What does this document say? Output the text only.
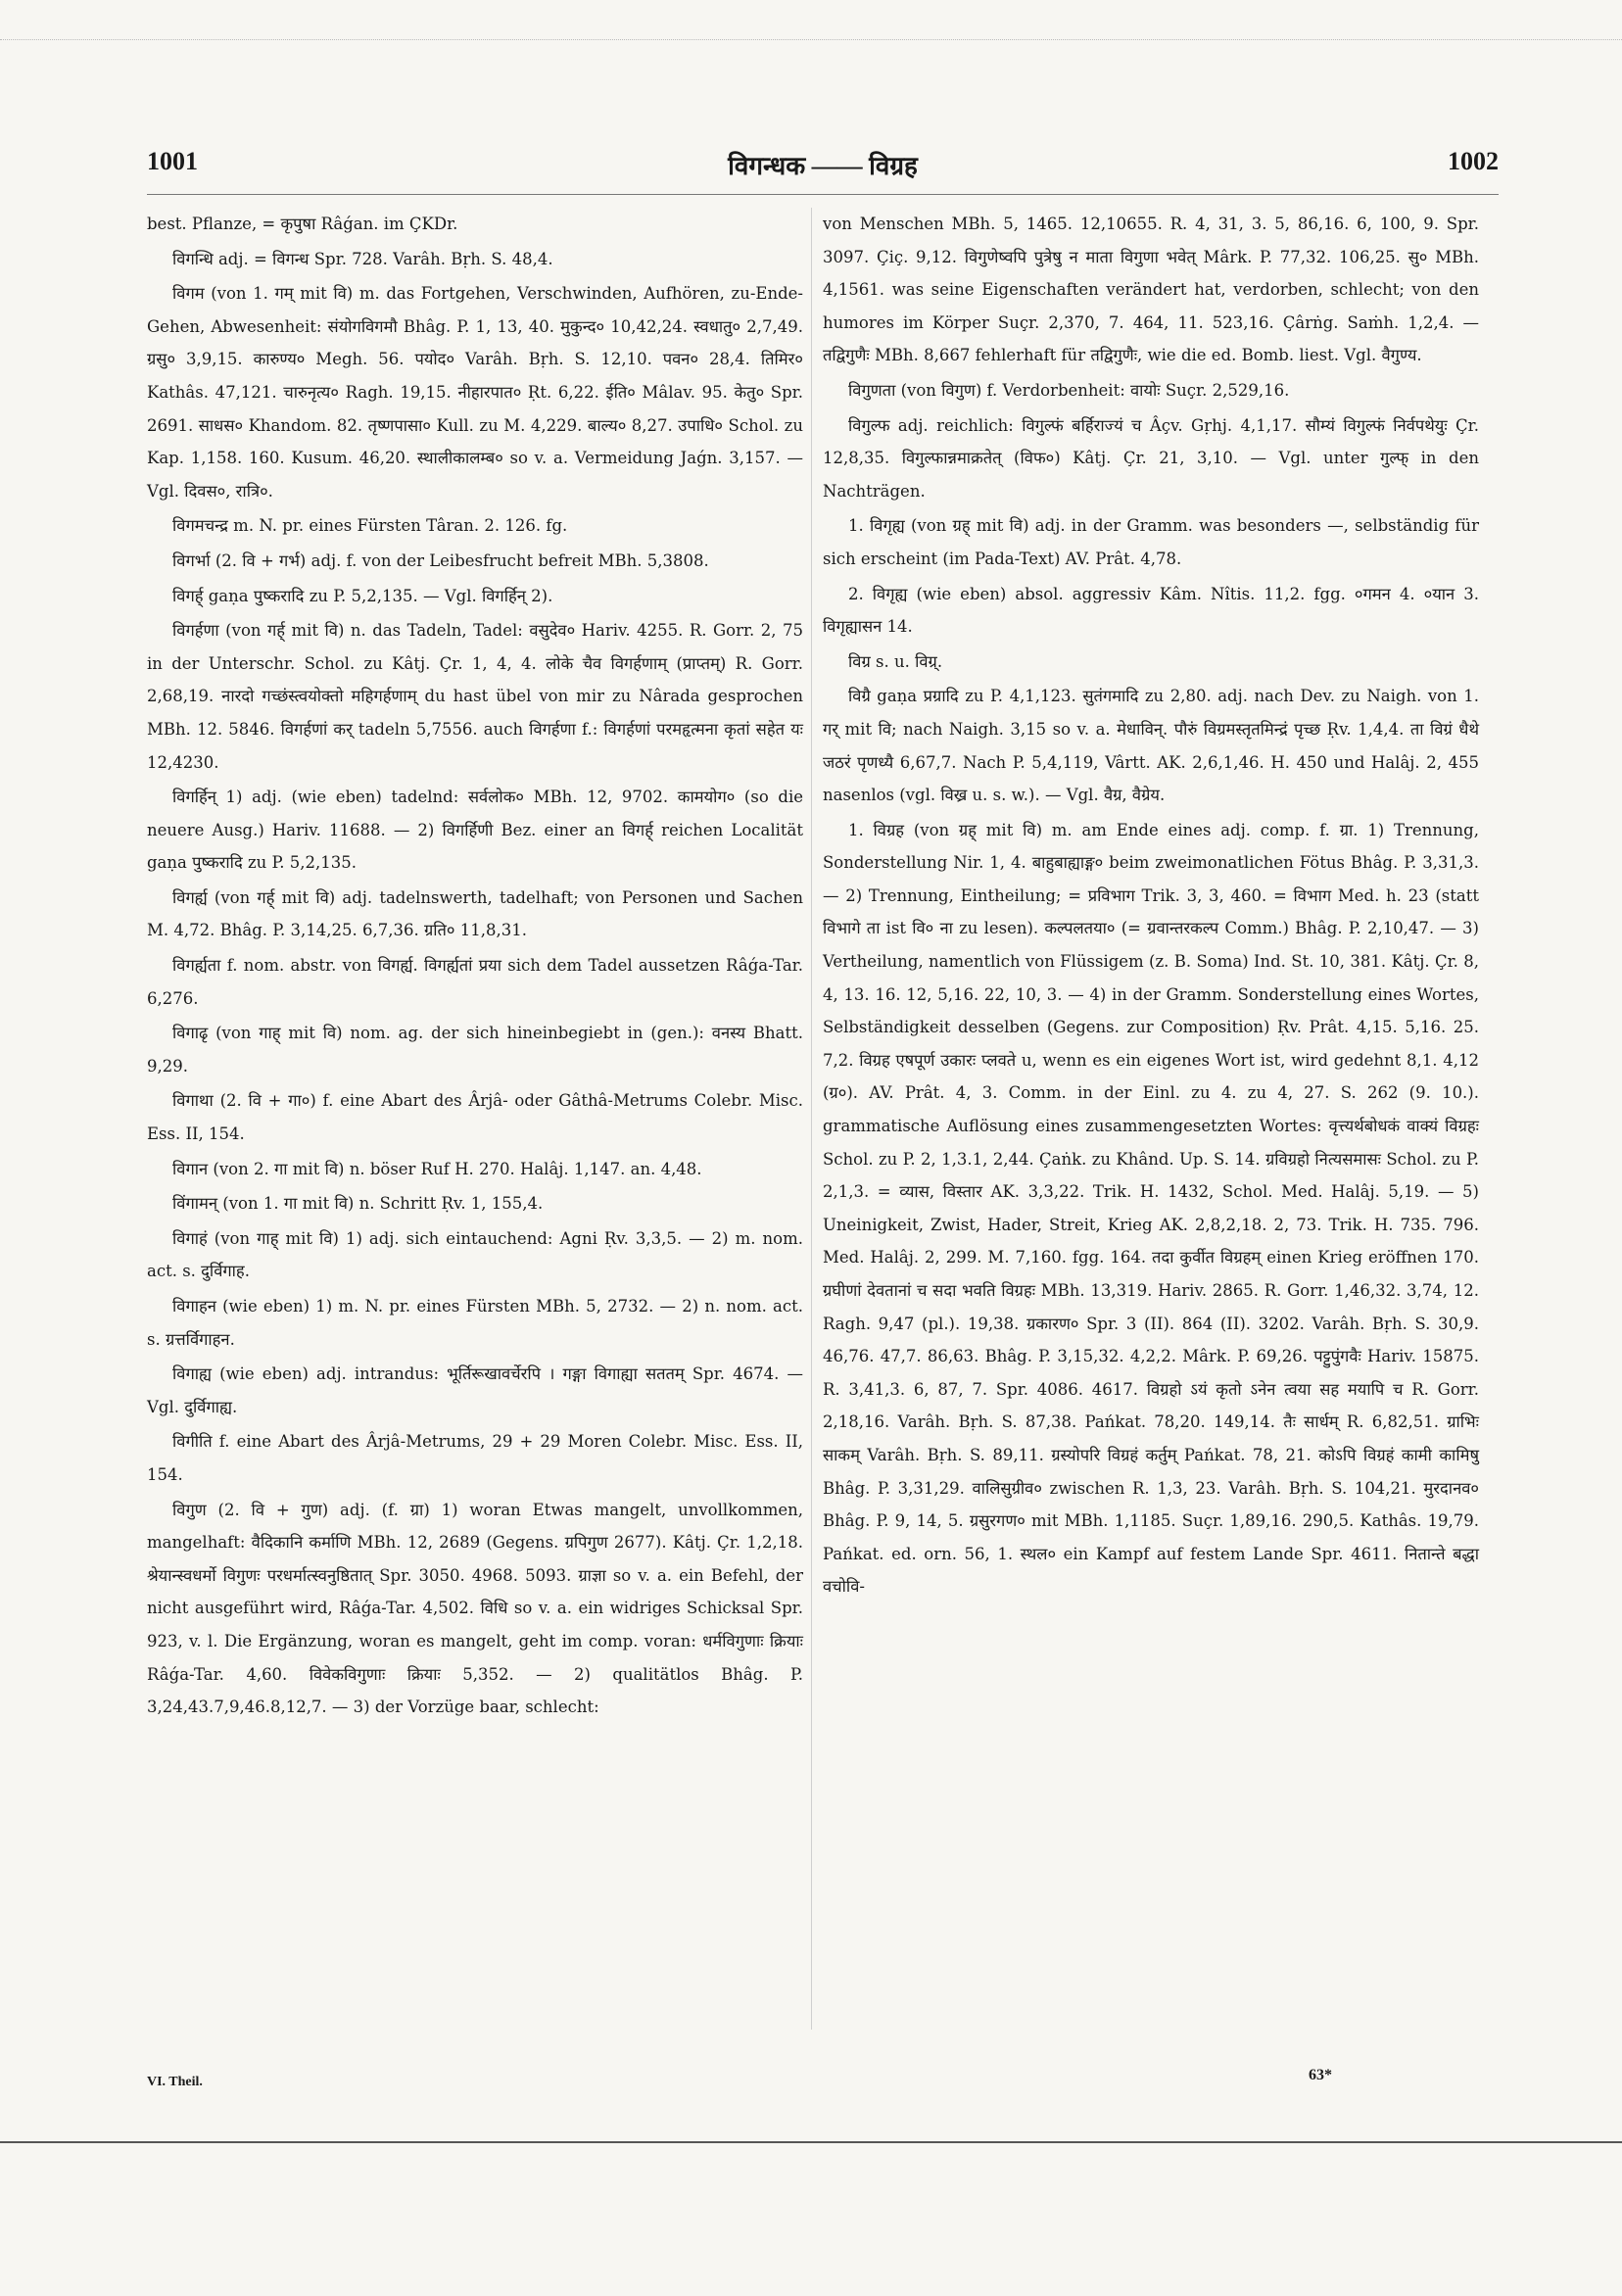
1001	विगन्धक —— विग्रह	1002

best. Pflanze, = कृपुषा Râǵan. im ÇKDr.

विगन्धि adj. = विगन्ध Spr. 728. Varâh. Bṛh. S. 48,4.

विगम (von 1. गम् mit वि) m. das Fortgehen, Verschwinden, Aufhören, zu-Ende-Gehen, Abwesenheit: संयोगविगमौ Bhâg. P. 1, 13, 40. मुकुन्द० 10,42,24. स्वधातु० 2,7,49. ग्रसु० 3,9,15. कारुण्य० Megh. 56. पयोद० Varâh. Bṛh. S. 12,10. पवन० 28,4. तिमिर० Kathâs. 47,121. चारुनृत्य० Ragh. 19,15. नीहारपात० Ṛt. 6,22. ईति० Mâlav. 95. केतु० Spr. 2691. साधस० Khandom. 82. तृष्णपासा० Kull. zu M. 4,229. बाल्य० 8,27. उपाधि० Schol. zu Kap. 1,158. 160. Kusum. 46,20. स्थालीकालम्ब० so v. a. Vermeidung Jaǵn. 3,157. — Vgl. दिवस०, रात्रि०.

विगमचन्द्र m. N. pr. eines Fürsten Târan. 2. 126. fg.

विगर्भा (2. वि + गर्भ) adj. f. von der Leibesfrucht befreit MBh. 5,3808.

विगर्ह् gaṇa पुष्करादि zu P. 5,2,135. — Vgl. विगर्हिन् 2).

विगर्हणा (von गर्ह् mit वि) n. das Tadeln, Tadel: वसुदेव० Hariv. 4255. R. Gorr. 2, 75 in der Unterschr. Schol. zu Kâtj. Çr. 1, 4, 4. लोके चैव विगर्हणाम् (प्राप्तम्) R. Gorr. 2,68,19. नारदो गच्छंस्त्वयोक्तो महिगर्हणाम् du hast übel von mir zu Nârada gesprochen MBh. 12. 5846. विगर्हणां कर् tadeln 5,7556. auch विगर्हणा f.: विगर्हणां परमहृत्मना कृतां सहेत यः 12,4230.

विगर्हिन् 1) adj. (wie eben) tadelnd: सर्वलोक० MBh. 12, 9702. कामयोग० (so die neuere Ausg.) Hariv. 11688. — 2) विगर्हिणी Bez. einer an विगर्ह् reichen Localität gaṇa पुष्करादि zu P. 5,2,135.

विगर्ह्य (von गर्ह् mit वि) adj. tadelnswerth, tadelhaft; von Personen und Sachen M. 4,72. Bhâg. P. 3,14,25. 6,7,36. ग्रति० 11,8,31.

विगर्ह्यता f. nom. abstr. von विगर्ह्य. विगर्ह्यतां प्रया sich dem Tadel aussetzen Râǵa-Tar. 6,276.

विगाढृ (von गाह् mit वि) nom. ag. der sich hineinbegiebt in (gen.): वनस्य Bhatt. 9,29.

विगाथा (2. वि + गा०) f. eine Abart des Ârjâ- oder Gâthâ-Metrums Colebr. Misc. Ess. II, 154.

विगान (von 2. गा mit वि) n. böser Ruf H. 270. Halâj. 1,147. an. 4,48.

विंगामन् (von 1. गा mit वि) n. Schritt Ṛv. 1, 155,4.

विगाहं (von गाह् mit वि) 1) adj. sich eintauchend: Agni Ṛv. 3,3,5. — 2) m. nom. act. s. दुर्विगाह.

विगाहन (wie eben) 1) m. N. pr. eines Fürsten MBh. 5, 2732. — 2) n. nom. act. s. ग्रत्तर्विगाहन.

विगाह्य (wie eben) adj. intrandus: भूर्तिरूखावर्चेरपि । गङ्गा विगाह्या सततम् Spr. 4674. — Vgl. दुर्विगाह्य.

विगीति f. eine Abart des Ârjâ-Metrums, 29 + 29 Moren Colebr. Misc. Ess. II, 154.

विगुण (2. वि + गुण) adj. (f. ग्रा) 1) woran Etwas mangelt, unvollkommen, mangelhaft: वैदिकानि कर्माणि MBh. 12, 2689 (Gegens. ग्रपिगुण 2677). Kâtj. Çr. 1,2,18. श्रेयान्स्वधर्मो विगुणः परधर्मात्स्वनुष्ठितात् Spr. 3050. 4968. 5093. ग्राज्ञा so v. a. ein Befehl, der nicht ausgeführt wird, Râǵa-Tar. 4,502. विधि so v. a. ein widriges Schicksal Spr. 923, v. l. Die Ergänzung, woran es mangelt, geht im comp. voran: धर्मविगुणाः क्रियाः Râǵa-Tar. 4,60. विवेकविगुणाः क्रियाः 5,352. — 2) qualitätlos Bhâg. P. 3,24,43.7,9,46.8,12,7. — 3) der Vorzüge baar, schlecht:

von Menschen MBh. 5, 1465. 12,10655. R. 4, 31, 3. 5, 86,16. 6, 100, 9. Spr. 3097. Çiç. 9,12. विगुणेष्वपि पुत्रेषु न माता विगुणा भवेत् Mârk. P. 77,32. 106,25. सु० MBh. 4,1561. was seine Eigenschaften verändert hat, verdorben, schlecht; von den humores im Körper Suçr. 2,370, 7. 464, 11. 523,16. Çârṅg. Saṁh. 1,2,4. — तद्विगुणैः MBh. 8,667 fehlerhaft für तद्विगुणैः, wie die ed. Bomb. liest. Vgl. वैगुण्य.

विगुणता (von विगुण) f. Verdorbenheit: वायोः Suçr. 2,529,16.

विगुल्फ adj. reichlich: विगुल्फं बर्हिराज्यं च Âçv. Gṛhj. 4,1,17. सौम्यं विगुल्फं निर्वपथेयुः Çr. 12,8,35. विगुल्फान्नमाक्रतेत् (विफ०) Kâtj. Çr. 21, 3,10. — Vgl. unter गुल्फ् in den Nachträgen.

1. विगृह्य (von ग्रह् mit वि) adj. in der Gramm. was besonders —, selbständig für sich erscheint (im Pada-Text) AV. Prât. 4,78.

2. विगृह्य (wie eben) absol. aggressiv Kâm. Nîtis. 11,2. fgg. ०गमन 4. ०यान 3. विगृह्यासन 14.

विग्र s. u. विग्र्.

विग्रै gaṇa प्रग्रादि zu P. 4,1,123. सुतंगमादि zu 2,80. adj. nach Dev. zu Naigh. von 1. गर् mit वि; nach Naigh. 3,15 so v. a. मेधाविन्. पौरुं विग्रमस्तृतमिन्द्रं पृच्छ Ṛv. 1,4,4. ता विग्रं धैथे जठरं पृणध्यै 6,67,7. Nach P. 5,4,119, Vârtt. AK. 2,6,1,46. H. 450 und Halâj. 2, 455 nasenlos (vgl. विख्र u. s. w.). — Vgl. वैग्र, वैग्रेय.

1. विग्रह (von ग्रह् mit वि) m. am Ende eines adj. comp. f. ग्रा. 1) Trennung, Sonderstellung Nir. 1, 4. बाहुबाह्याङ्ग० beim zweimonatlichen Fötus Bhâg. P. 3,31,3. — 2) Trennung, Eintheilung; = प्रविभाग Trik. 3, 3, 460. = विभाग Med. h. 23 (statt विभागे ता ist वि० ना zu lesen). कल्पलतया० (= ग्रवान्तरकल्प Comm.) Bhâg. P. 2,10,47. — 3) Vertheilung, namentlich von Flüssigem (z. B. Soma) Ind. St. 10, 381. Kâtj. Çr. 8, 4, 13. 16. 12, 5,16. 22, 10, 3. — 4) in der Gramm. Sonderstellung eines Wortes, Selbständigkeit desselben (Gegens. zur Composition) Ṛv. Prât. 4,15. 5,16. 25. 7,2. विग्रह एषपूर्ण उकारः प्लवते u, wenn es ein eigenes Wort ist, wird gedehnt 8,1. 4,12 (ग्र०). AV. Prât. 4, 3. Comm. in der Einl. zu 4. zu 4, 27. S. 262 (9. 10.). grammatische Auflösung eines zusammengesetzten Wortes: वृत्त्यर्थबोधकं वाक्यं विग्रहः Schol. zu P. 2, 1,3.1, 2,44. Çaṅk. zu Khând. Up. S. 14. ग्रविग्रहो नित्यसमासः Schol. zu P. 2,1,3. = व्यास, विस्तार AK. 3,3,22. Trik. H. 1432, Schol. Med. Halâj. 5,19. — 5) Uneinigkeit, Zwist, Hader, Streit, Krieg AK. 2,8,2,18. 2, 73. Trik. H. 735. 796. Med. Halâj. 2, 299. M. 7,160. fgg. 164. तदा कुर्वीत विग्रहम् einen Krieg eröffnen 170. ग्रघीणां देवतानां च सदा भवति विग्रहः MBh. 13,319. Hariv. 2865. R. Gorr. 1,46,32. 3,74, 12. Ragh. 9,47 (pl.). 19,38. ग्रकारण० Spr. 3 (II). 864 (II). 3202. Varâh. Bṛh. S. 30,9. 46,76. 47,7. 86,63. Bhâg. P. 3,15,32. 4,2,2. Mârk. P. 69,26. पट्टुपुंगवैः Hariv. 15875. R. 3,41,3. 6, 87, 7. Spr. 4086. 4617. विग्रहो ऽयं कृतो ऽनेन त्वया सह मयापि च R. Gorr. 2,18,16. Varâh. Bṛh. S. 87,38. Pańkat. 78,20. 149,14. तैः सार्धम् R. 6,82,51. ग्राभिः साकम् Varâh. Bṛh. S. 89,11. ग्रस्योपरि विग्रहं कर्तुम् Pańkat. 78, 21. कोऽपि विग्रहं कामी कामिषु Bhâg. P. 3,31,29. वालिसुग्रीव० zwischen R. 1,3, 23. Varâh. Bṛh. S. 104,21. मुरदानव० Bhâg. P. 9, 14, 5. ग्रसुरगण० mit MBh. 1,1185. Suçr. 1,89,16. 290,5. Kathâs. 19,79. Pańkat. ed. orn. 56, 1. स्थल० ein Kampf auf festem Lande Spr. 4611. नितान्ते बद्धा वचोवि-

VI. Theil.	63*
